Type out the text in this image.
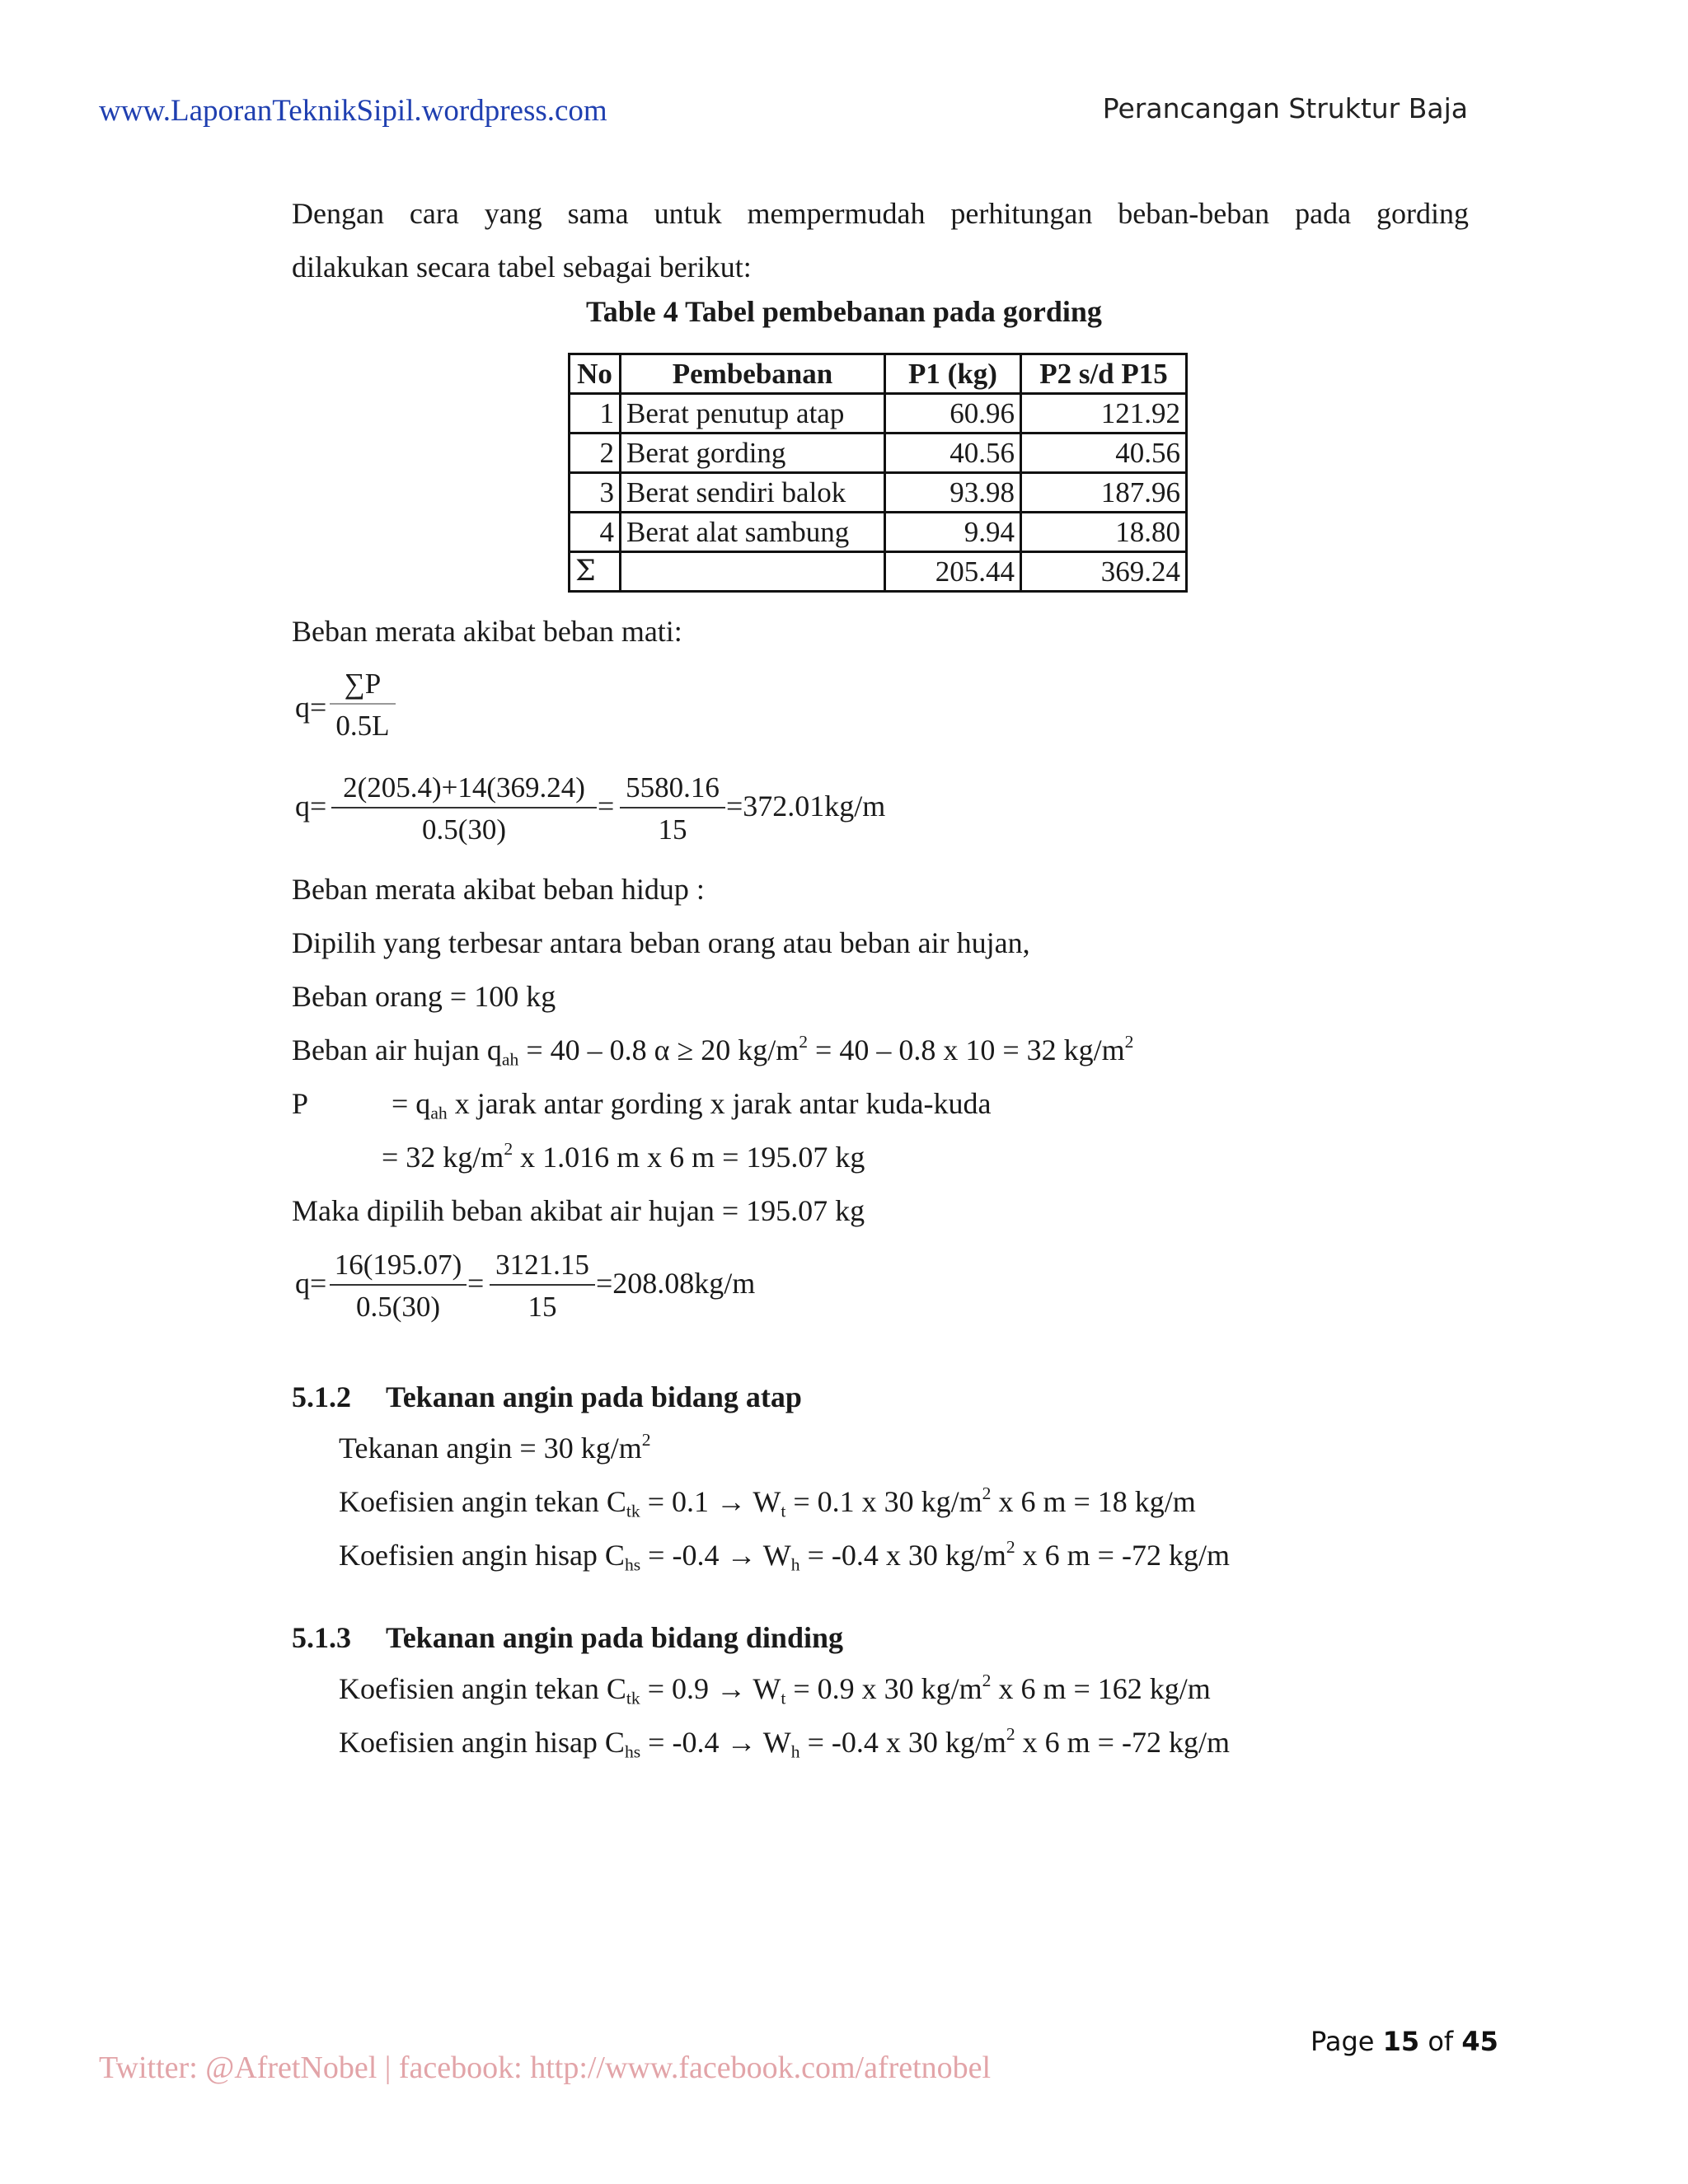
www.LaporanTeknikSipil.wordpress.com	Perancangan Struktur Baja
Dengan cara yang sama untuk mempermudah perhitungan beban-beban pada gording
dilakukan secara tabel sebagai berikut:
Table 4 Tabel pembebanan pada gording
No	Pembebanan	P1 (kg)	P2 s/d P15
1	Berat penutup atap	60.96	121.92
2	Berat gording	40.56	40.56
3	Berat sendiri balok	93.98	187.96
4	Berat alat sambung	9.94	18.80
Σ		205.44	369.24
Beban merata akibat beban mati:
$q= \frac{\sum P}{0.5L}$
$q= \frac{2(205.4)+14(369.24)}{0.5(30)} = \frac{5580.16}{15} =372.01kg/m$
Beban merata akibat beban hidup :
Dipilih yang terbesar antara beban orang atau beban air hujan,
Beban orang = 100 kg
Beban air hujan $q_{ah} = 40 - 0.8$ α ≥ 20 $kg/m^2 = 40 - 0.8$ x 10 = 32 $kg/m^2$
P	= $q_{ah}$ x jarak antar gording x jarak antar kuda-kuda
= 32 $kg/m^2$ x 1.016 m x 6 m = 195.07 kg
Maka dipilih beban akibat air hujan = 195.07 kg
$q= \frac{16(195.07)}{0.5(30)} = \frac{3121.15}{15} =208.08kg/m$
5.1.2 Tekanan angin pada bidang atap
Tekanan angin = 30 $kg/m^2$
Koefisien angin tekan $C_{tk} = 0.1 \to W_t = 0.1$ x 30 $kg/m^2$ x 6 m = 18 kg/m
Koefisien angin hisap $C_{hs} = -0.4 \to W_h = -0.4$ x 30 $kg/m^2$ x 6 m = -72 kg/m
5.1.3 Tekanan angin pada bidang dinding
Koefisien angin tekan $C_{tk} = 0.9 \to W_t = 0.9$ x 30 $kg/m^2$ x 6 m = 162 kg/m
Koefisien angin hisap $C_{hs} = -0.4 \to W_h = -0.4$ x 30 $kg/m^2$ x 6 m = -72 kg/m
Page 15 of 45
Twitter: @AfretNobel | facebook: http://www.facebook.com/afretnobel
